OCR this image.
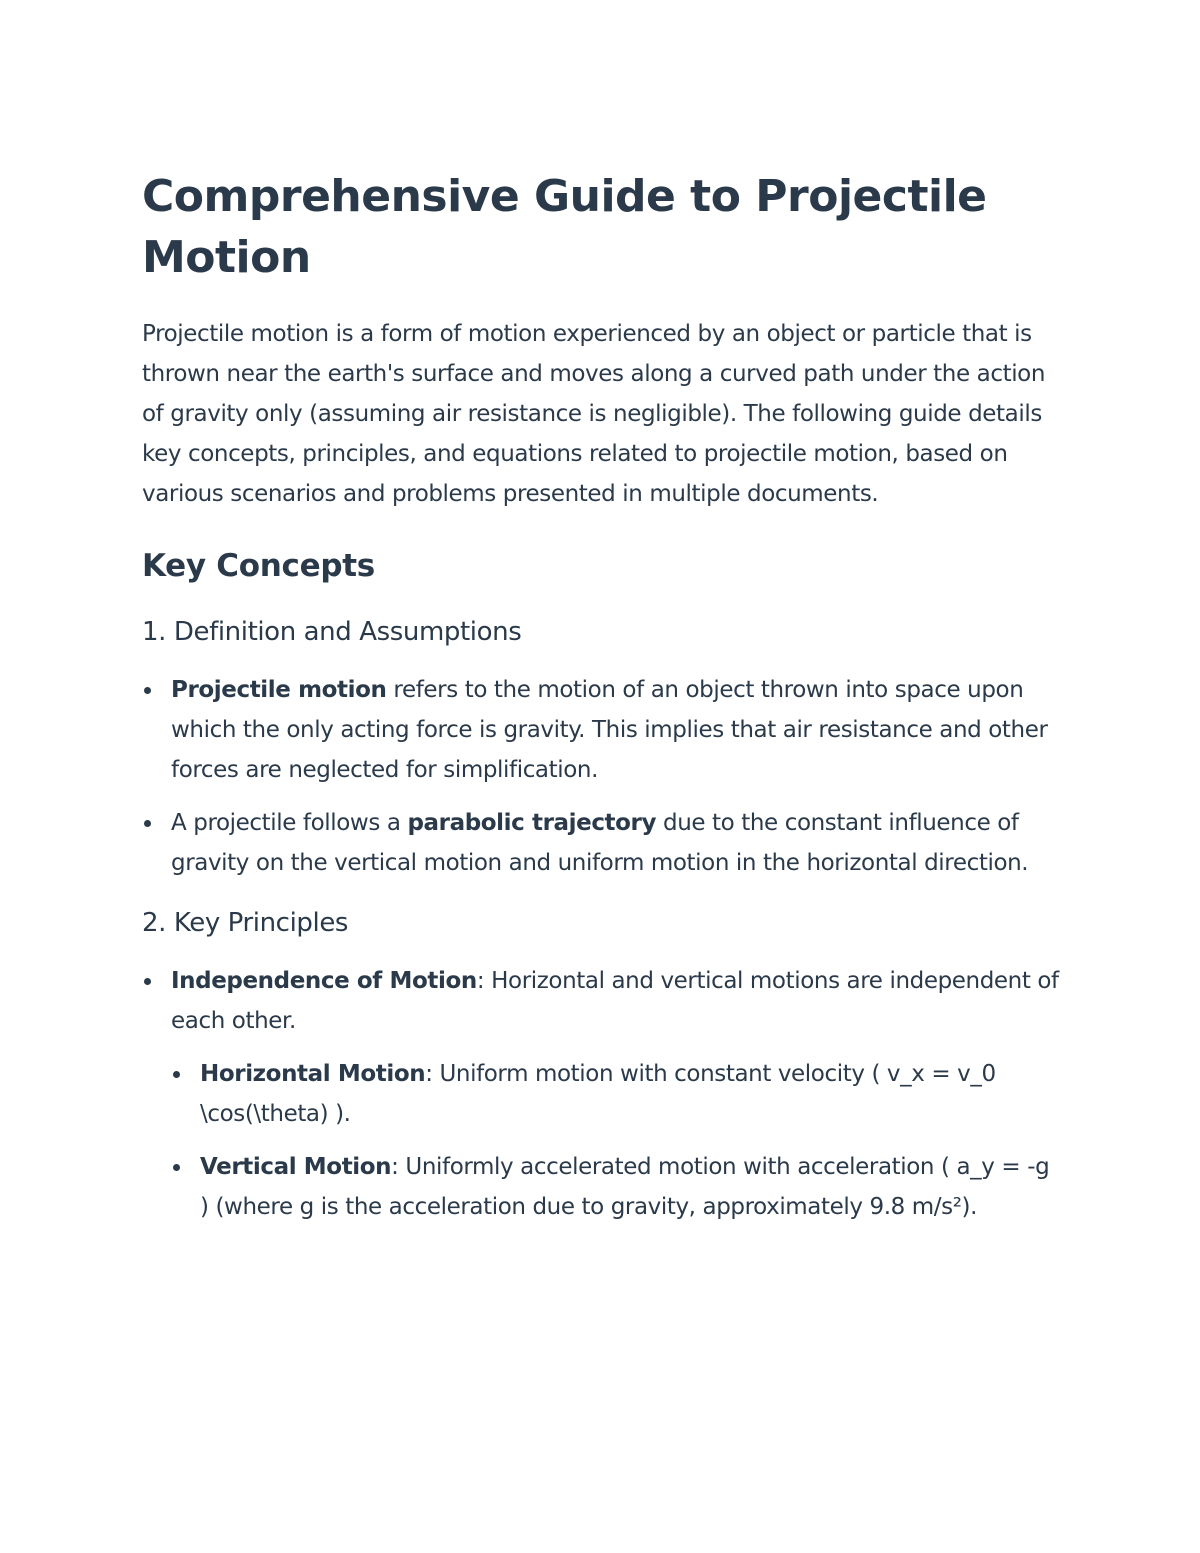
Comprehensive Guide to Projectile Motion

Projectile motion is a form of motion experienced by an object or particle that is thrown near the earth's surface and moves along a curved path under the action of gravity only (assuming air resistance is negligible). The following guide details key concepts, principles, and equations related to projectile motion, based on various scenarios and problems presented in multiple documents.

Key Concepts
1. Definition and Assumptions
Projectile motion refers to the motion of an object thrown into space upon which the only acting force is gravity. This implies that air resistance and other forces are neglected for simplification.
A projectile follows a parabolic trajectory due to the constant influence of gravity on the vertical motion and uniform motion in the horizontal direction.
2. Key Principles
Independence of Motion: Horizontal and vertical motions are independent of each other.
Horizontal Motion: Uniform motion with constant velocity ( v_x = v_0 \cos(\theta) ).
Vertical Motion: Uniformly accelerated motion with acceleration ( a_y = -g ) (where g is the acceleration due to gravity, approximately 9.8 m/s²).
